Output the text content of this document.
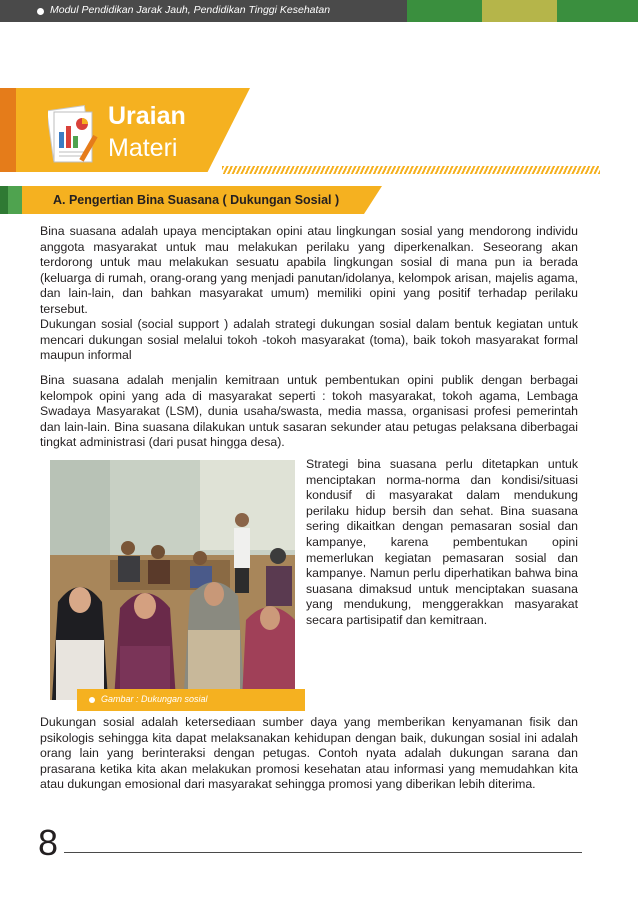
Modul Pendidikan Jarak Jauh, Pendidikan Tinggi Kesehatan
Uraian
Materi
A. Pengertian Bina Suasana ( Dukungan Sosial )

Bina suasana adalah upaya menciptakan opini atau lingkungan sosial yang mendorong individu anggota masyarakat untuk mau melakukan perilaku yang diperkenalkan. Seseorang akan terdorong untuk mau melakukan sesuatu apabila lingkungan sosial di mana pun ia berada (keluarga di rumah, orang-orang yang menjadi panutan/idolanya, kelompok arisan, majelis agama, dan lain-lain, dan bahkan masyarakat umum) memiliki opini yang positif terhadap perilaku tersebut.

Dukungan sosial (social support ) adalah strategi dukungan sosial dalam bentuk kegiatan untuk mencari dukungan sosial melalui tokoh -tokoh masyarakat (toma), baik tokoh masyarakat formal maupun informal

Bina suasana adalah menjalin kemitraan untuk pembentukan opini publik dengan berbagai kelompok opini yang ada di masyarakat seperti : tokoh masyarakat, tokoh agama, Lembaga Swadaya Masyarakat (LSM), dunia usaha/swasta, media massa, organisasi profesi pemerintah dan lain-lain. Bina suasana dilakukan untuk sasaran sekunder atau petugas pelaksana diberbagai tingkat administrasi (dari pusat hingga desa).

Strategi bina suasana perlu ditetapkan untuk menciptakan norma-norma dan kondisi/situasi kondusif di masyarakat dalam mendukung perilaku hidup bersih dan sehat. Bina suasana sering dikaitkan dengan pemasaran sosial dan kampanye, karena pembentukan opini memerlukan kegiatan pemasaran sosial dan kampanye. Namun perlu diperhatikan bahwa bina suasana dimaksud untuk menciptakan suasana yang mendukung, menggerakkan masyarakat secara partisipatif dan kemitraan.

Gambar : Dukungan sosial

Dukungan sosial adalah ketersediaan sumber daya yang memberikan kenyamanan fisik dan psikologis sehingga kita dapat melaksanakan kehidupan dengan baik, dukungan sosial ini adalah orang lain yang berinteraksi dengan petugas. Contoh nyata adalah dukungan sarana dan prasarana ketika kita akan melakukan promosi kesehatan atau informasi yang memudahkan kita atau dukungan emosional dari masyarakat sehingga promosi yang diberikan lebih diterima.

8
